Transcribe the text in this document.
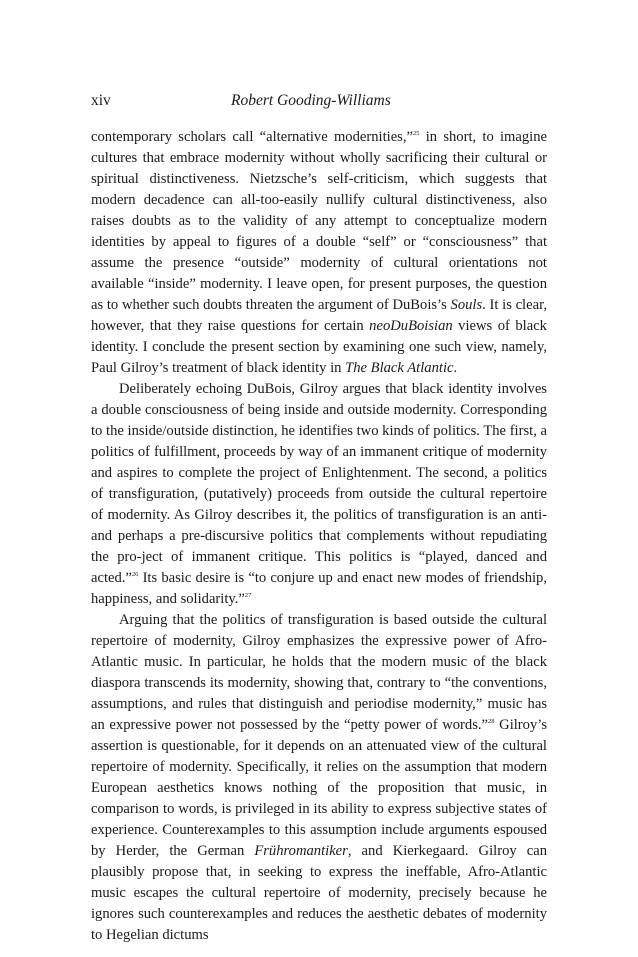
xiv	Robert Gooding-Williams

contemporary scholars call “alternative modernities,”$^{25}$ in short, to imagine cultures that embrace modernity without wholly sacrificing their cultural or spiritual distinctiveness. Nietzsche’s self-criticism, which suggests that modern decadence can all-too-easily nullify cultural distinctiveness, also raises doubts as to the validity of any attempt to conceptualize modern identities by appeal to figures of a double “self” or “consciousness” that assume the presence “outside” modernity of cultural orientations not available “inside” modernity. I leave open, for present purposes, the question as to whether such doubts threaten the argument of DuBois’s Souls. It is clear, however, that they raise questions for certain neoDuBoisian views of black identity. I conclude the present section by examining one such view, namely, Paul Gilroy’s treatment of black identity in The Black Atlantic.

Deliberately echoing DuBois, Gilroy argues that black identity involves a double consciousness of being inside and outside modernity. Corresponding to the inside/outside distinction, he identifies two kinds of politics. The first, a politics of fulfillment, proceeds by way of an immanent critique of modernity and aspires to complete the project of Enlightenment. The second, a politics of transfiguration, (putatively) proceeds from outside the cultural repertoire of modernity. As Gilroy describes it, the politics of transfiguration is an anti- and perhaps a pre-discursive politics that complements without repudiating the pro-ject of immanent critique. This politics is “played, danced and acted.”$^{26}$ Its basic desire is “to conjure up and enact new modes of friendship, happiness, and solidarity.”$^{27}$

Arguing that the politics of transfiguration is based outside the cultural repertoire of modernity, Gilroy emphasizes the expressive power of Afro-Atlantic music. In particular, he holds that the modern music of the black diaspora transcends its modernity, showing that, contrary to “the conventions, assumptions, and rules that distinguish and periodise modernity,” music has an expressive power not possessed by the “petty power of words.”$^{28}$ Gilroy’s assertion is questionable, for it depends on an attenuated view of the cultural repertoire of modernity. Specifically, it relies on the assumption that modern European aesthetics knows nothing of the proposition that music, in comparison to words, is privileged in its ability to express subjective states of experience. Counterexamples to this assumption include arguments espoused by Herder, the German Frühromantiker, and Kierkegaard. Gilroy can plausibly propose that, in seeking to express the ineffable, Afro-Atlantic music escapes the cultural repertoire of modernity, precisely because he ignores such counterexamples and reduces the aesthetic debates of modernity to Hegelian dictums
